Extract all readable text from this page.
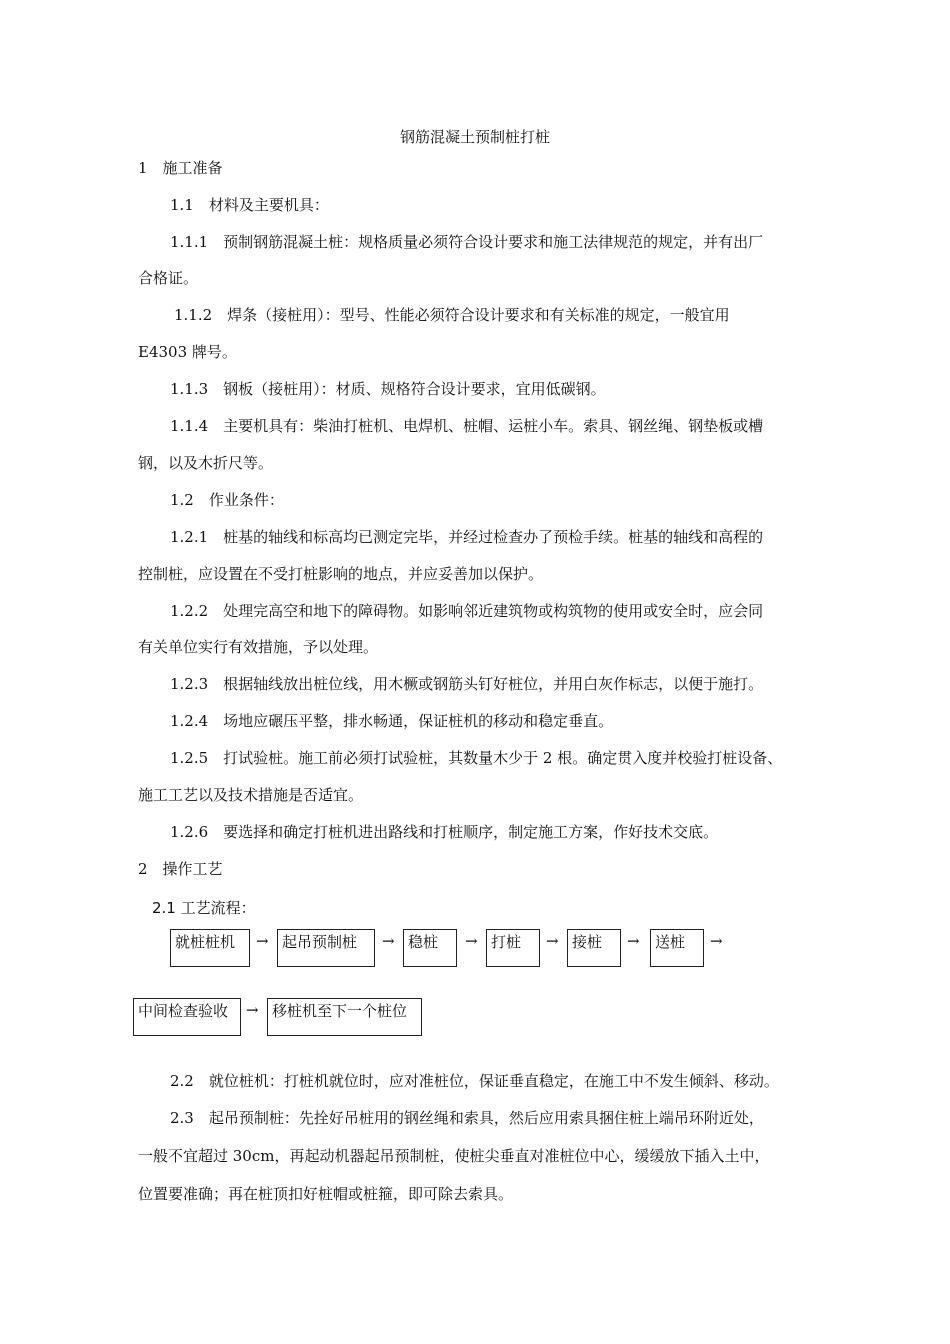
钢筋混凝土预制桩打桩
1　施工准备
1.1　材料及主要机具：
1.1.1　预制钢筋混凝土桩：规格质量必须符合设计要求和施工法律规范的规定，并有出厂
合格证。
1.1.2　焊条（接桩用）：型号、性能必须符合设计要求和有关标准的规定，一般宜用
E4303 牌号。
1.1.3　钢板（接桩用）：材质、规格符合设计要求，宜用低碳钢。
1.1.4　主要机具有：柴油打桩机、电焊机、桩帽、运桩小车。索具、钢丝绳、钢垫板或槽
钢，以及木折尺等。
1.2　作业条件：
1.2.1　桩基的轴线和标高均已测定完毕，并经过检查办了预检手续。桩基的轴线和高程的
控制桩，应设置在不受打桩影响的地点，并应妥善加以保护。
1.2.2　处理完高空和地下的障碍物。如影响邻近建筑物或构筑物的使用或安全时，应会同
有关单位实行有效措施，予以处理。
1.2.3　根据轴线放出桩位线，用木橛或钢筋头钉好桩位，并用白灰作标志，以便于施打。
1.2.4　场地应碾压平整，排水畅通，保证桩机的移动和稳定垂直。
1.2.5　打试验桩。施工前必须打试验桩，其数量木少于 2 根。确定贯入度并校验打桩设备、
施工工艺以及技术措施是否适宜。
1.2.6　要选择和确定打桩机进出路线和打桩顺序，制定施工方案，作好技术交底。
2　操作工艺
2.1 工艺流程：
就桩桩机	→ 起吊预制桩	→ 稳桩	→ 打桩	→ 接桩	→	送桩	→
中间检查验收	→ 移桩机至下一个桩位
2.2　就位桩机：打桩机就位时，应对准桩位，保证垂直稳定，在施工中不发生倾斜、移动。
2.3　起吊预制桩：先拴好吊桩用的钢丝绳和索具，然后应用索具捆住桩上端吊环附近处，
一般不宜超过 30cm，再起动机器起吊预制桩，使桩尖垂直对准桩位中心，缓缓放下插入土中，
位置要准确；再在桩顶扣好桩帽或桩箍，即可除去索具。
